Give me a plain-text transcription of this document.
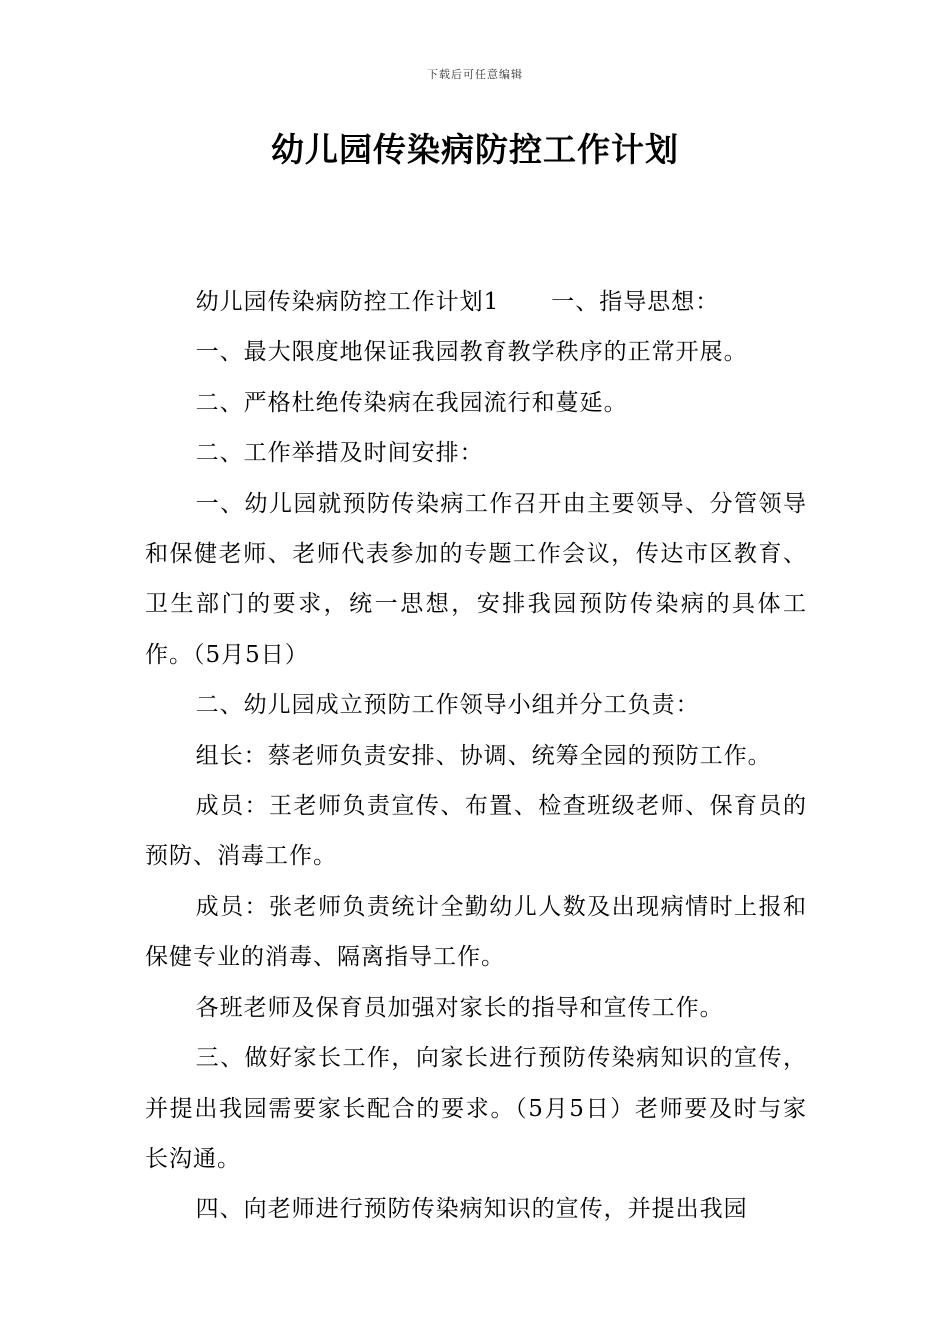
下载后可任意编辑
幼儿园传染病防控工作计划

幼儿园传染病防控工作计划1 一、指导思想：

一、最大限度地保证我园教育教学秩序的正常开展。

二、严格杜绝传染病在我园流行和蔓延。

二、工作举措及时间安排：

一、幼儿园就预防传染病工作召开由主要领导、分管领导和保健老师、老师代表参加的专题工作会议，传达市区教育、卫生部门的要求，统一思想，安排我园预防传染病的具体工作。（5月5日）

二、幼儿园成立预防工作领导小组并分工负责：

组长：蔡老师负责安排、协调、统筹全园的预防工作。

成员：王老师负责宣传、布置、检查班级老师、保育员的预防、消毒工作。

成员：张老师负责统计全勤幼儿人数及出现病情时上报和保健专业的消毒、隔离指导工作。

各班老师及保育员加强对家长的指导和宣传工作。

三、做好家长工作，向家长进行预防传染病知识的宣传，并提出我园需要家长配合的要求。（5月5日）老师要及时与家长沟通。

四、向老师进行预防传染病知识的宣传，并提出我园
